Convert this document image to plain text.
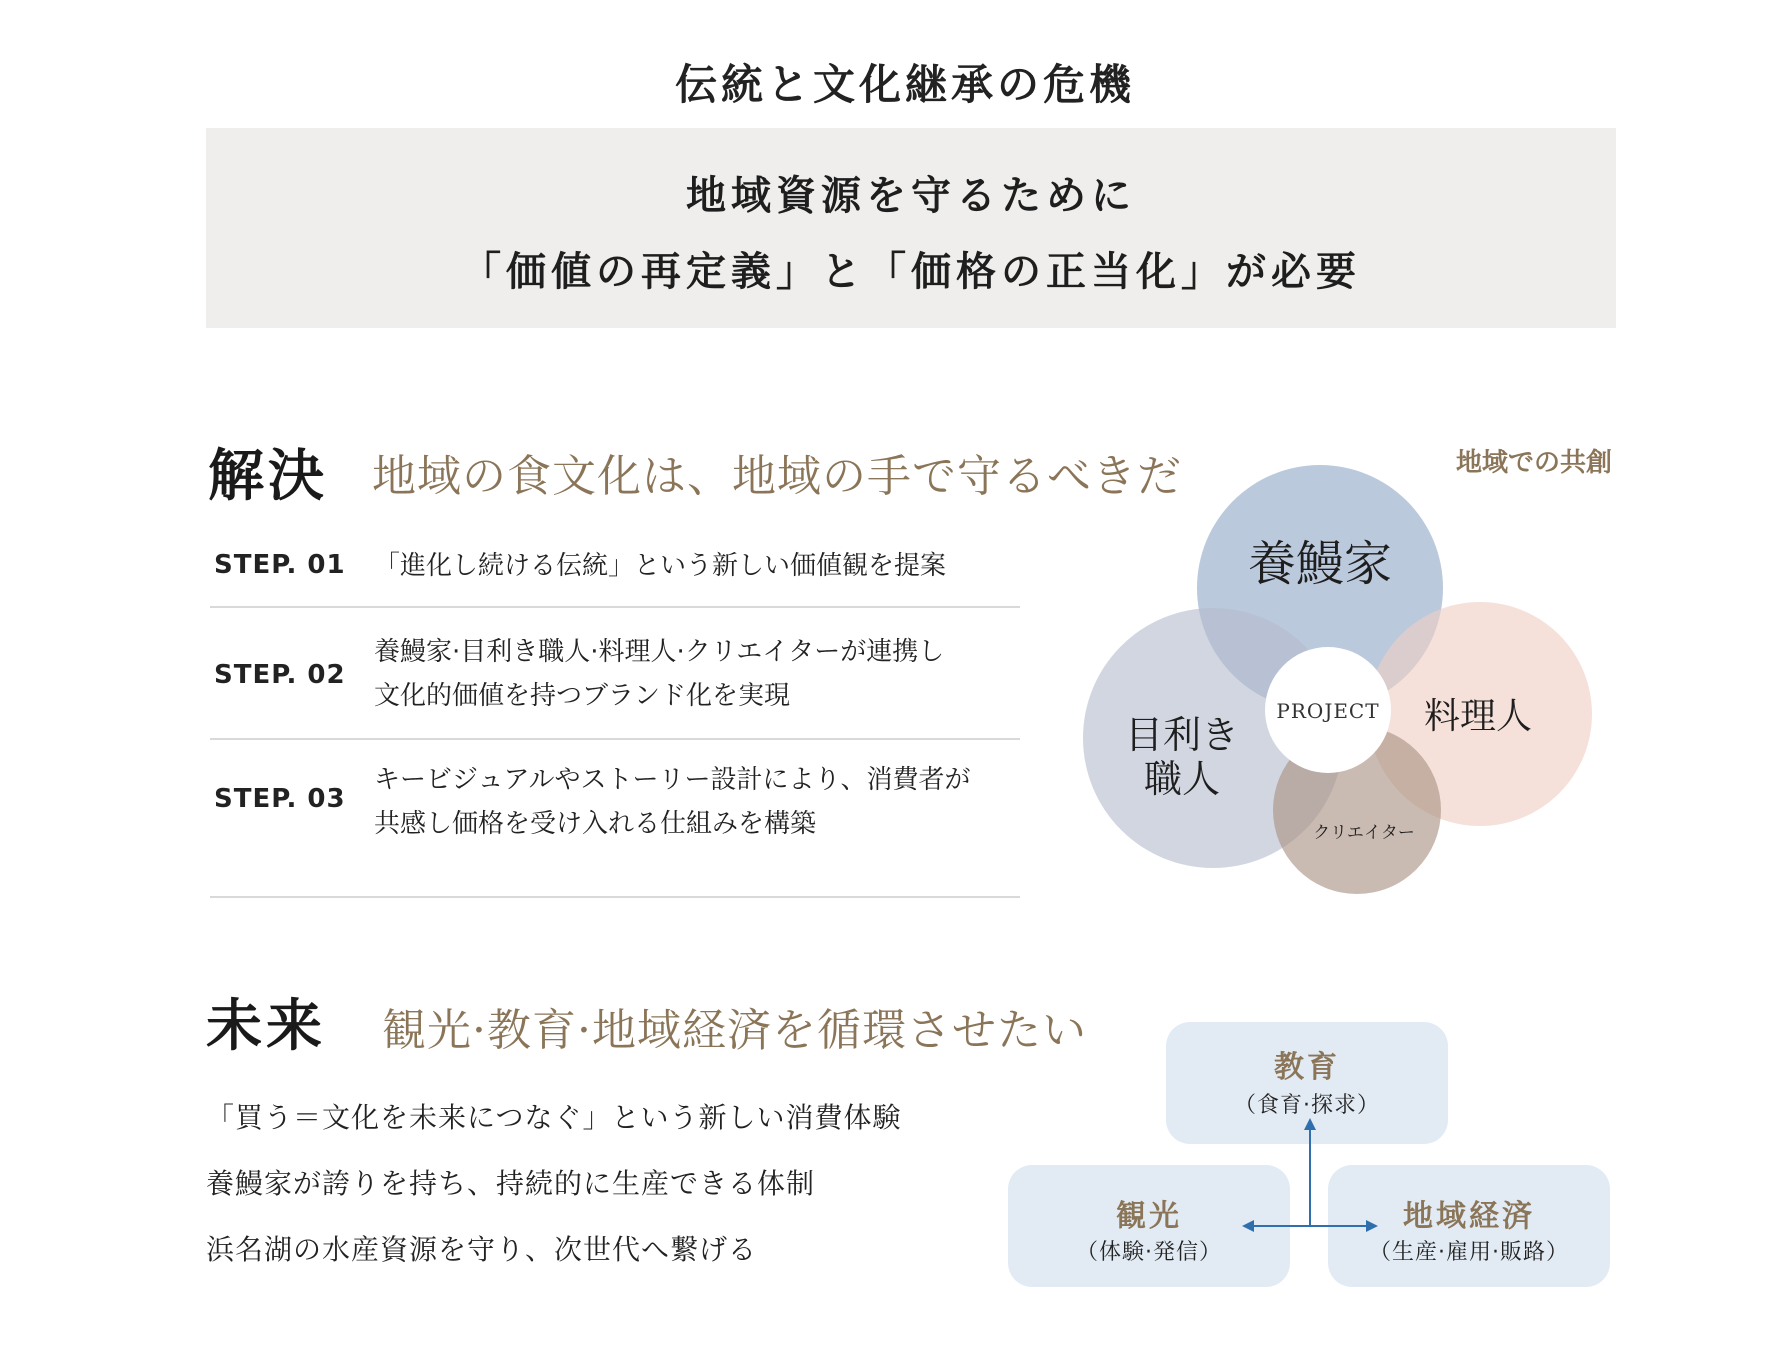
伝統と文化継承の危機
地域資源を守るために
「価値の再定義」と「価格の正当化」が必要
解決 地域の食文化は、地域の手で守るべきだ
STEP. 01 「進化し続ける伝統」という新しい価値観を提案
STEP. 02
養鰻家·目利き職人·料理人·クリエイターが連携し
文化的価値を持つブランド化を実現
STEP. 03
キービジュアルやストーリー設計により、消費者が
共感し価格を受け入れる仕組みを構築
地域での共創
PROJECT
養鰻家
目利き
職人
料理人
クリエイター
未来 観光·教育·地域経済を循環させたい
「買う＝文化を未来につなぐ」という新しい消費体験
養鰻家が誇りを持ち、持続的に生産できる体制
浜名湖の水産資源を守り、次世代へ繋げる
教育
（食育·探求）
観光
（体験·発信）
地域経済
（生産·雇用·販路）
